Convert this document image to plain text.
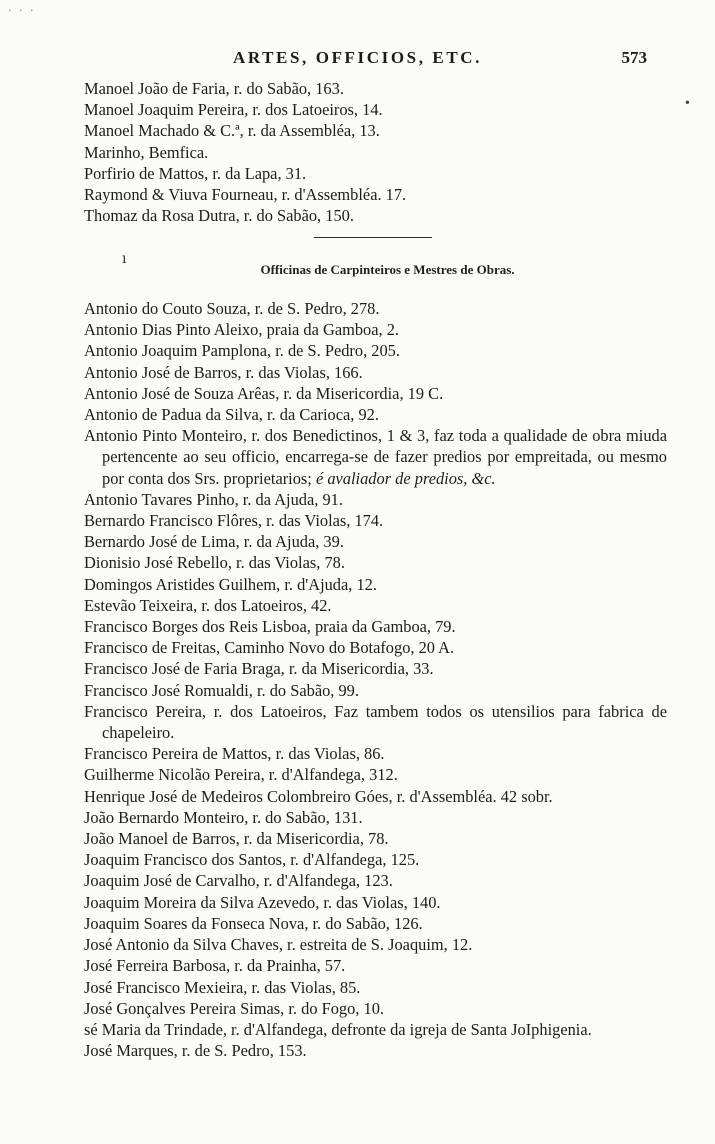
· · ·
ARTES, OFFICIOS, ETC.	573
•
Manoel João de Faria, r. do Sabão, 163.
Manoel Joaquim Pereira, r. dos Latoeiros, 14.
Manoel Machado & C.ª, r. da Assembléa, 13.
Marinho, Bemfica.
Porfirio de Mattos, r. da Lapa, 31.
Raymond & Viuva Fourneau, r. d'Assembléa. 17.
Thomaz da Rosa Dutra, r. do Sabão, 150.
ı
Officinas de Carpinteiros e Mestres de Obras.
Antonio do Couto Souza, r. de S. Pedro, 278.
Antonio Dias Pinto Aleixo, praia da Gamboa, 2.
Antonio Joaquim Pamplona, r. de S. Pedro, 205.
Antonio José de Barros, r. das Violas, 166.
Antonio José de Souza Arêas, r. da Misericordia, 19 C.
Antonio de Padua da Silva, r. da Carioca, 92.
Antonio Pinto Monteiro, r. dos Benedictinos, 1 & 3, faz toda a qualidade de obra miuda pertencente ao seu officio, encarrega-se de fazer predios por empreitada, ou mesmo por conta dos Srs. proprietarios; é avaliador de predios, &c.
Antonio Tavares Pinho, r. da Ajuda, 91.
Bernardo Francisco Flôres, r. das Violas, 174.
Bernardo José de Lima, r. da Ajuda, 39.
Dionisio José Rebello, r. das Violas, 78.
Domingos Aristides Guilhem, r. d'Ajuda, 12.
Estevão Teixeira, r. dos Latoeiros, 42.
Francisco Borges dos Reis Lisboa, praia da Gamboa, 79.
Francisco de Freitas, Caminho Novo do Botafogo, 20 A.
Francisco José de Faria Braga, r. da Misericordia, 33.
Francisco José Romualdi, r. do Sabão, 99.
Francisco Pereira, r. dos Latoeiros, Faz tambem todos os utensilios para fabrica de chapeleiro.
Francisco Pereira de Mattos, r. das Violas, 86.
Guilherme Nicolão Pereira, r. d'Alfandega, 312.
Henrique José de Medeiros Colombreiro Góes, r. d'Assembléa. 42 sobr.
João Bernardo Monteiro, r. do Sabão, 131.
João Manoel de Barros, r. da Misericordia, 78.
Joaquim Francisco dos Santos, r. d'Alfandega, 125.
Joaquim José de Carvalho, r. d'Alfandega, 123.
Joaquim Moreira da Silva Azevedo, r. das Violas, 140.
Joaquim Soares da Fonseca Nova, r. do Sabão, 126.
José Antonio da Silva Chaves, r. estreita de S. Joaquim, 12.
José Ferreira Barbosa, r. da Prainha, 57.
José Francisco Mexieira, r. das Violas, 85.
José Gonçalves Pereira Simas, r. do Fogo, 10.
sé Maria da Trindade, r. d'Alfandega, defronte da igreja de Santa JoIphigenia.
José Marques, r. de S. Pedro, 153.
